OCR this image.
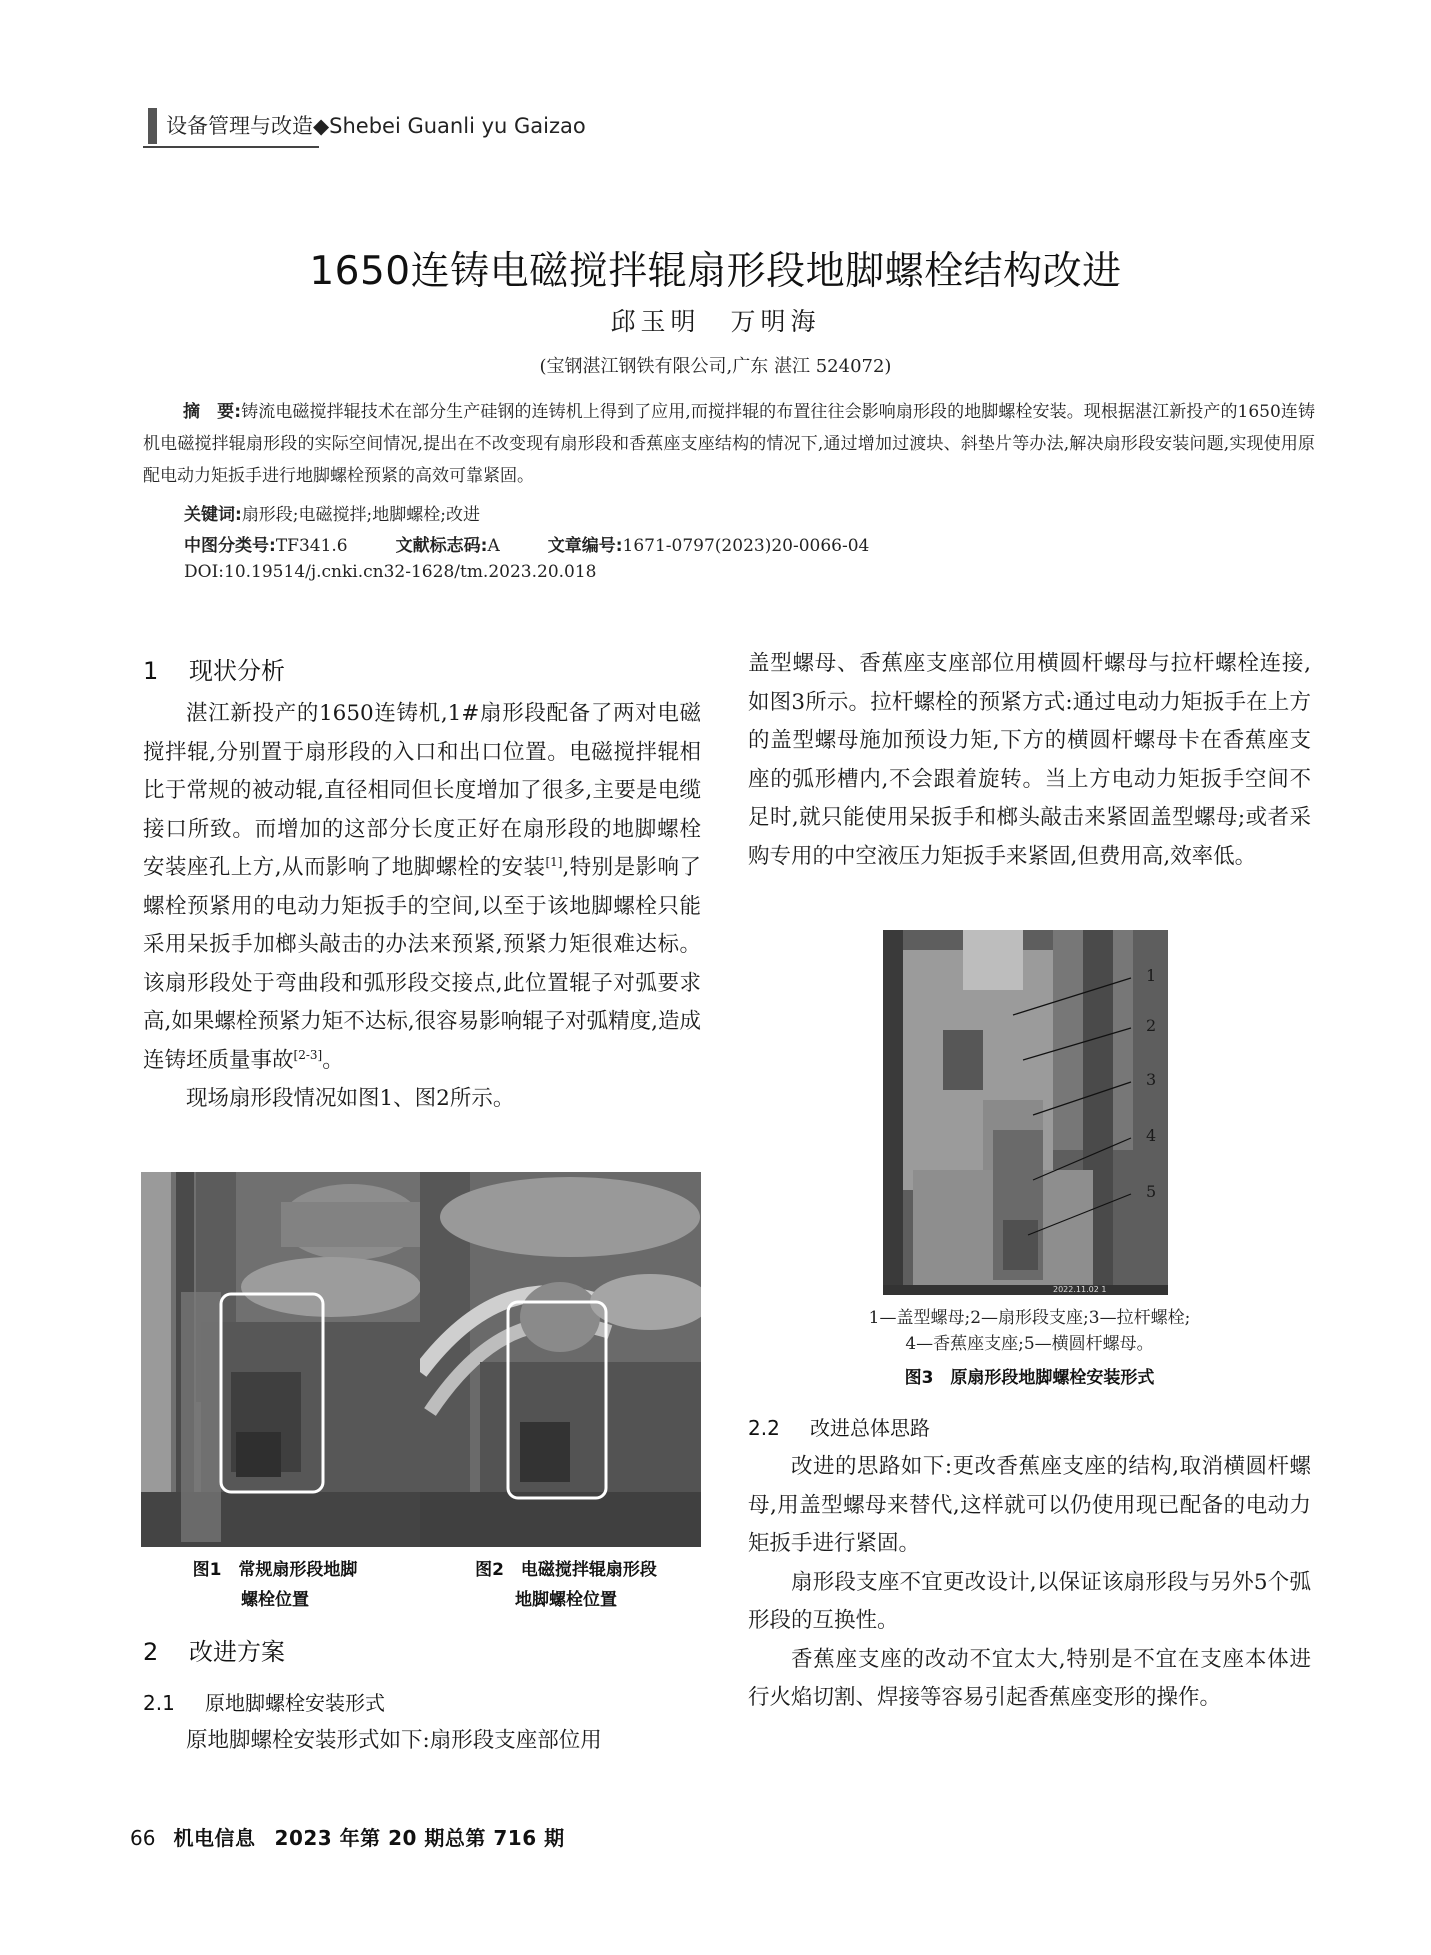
设备管理与改造◆Shebei Guanli yu Gaizao
1650连铸电磁搅拌辊扇形段地脚螺栓结构改进
邱玉明　万明海
(宝钢湛江钢铁有限公司,广东 湛江 524072)
摘　要:铸流电磁搅拌辊技术在部分生产硅钢的连铸机上得到了应用,而搅拌辊的布置往往会影响扇形段的地脚螺栓安装。现根据湛江新投产的1650连铸机电磁搅拌辊扇形段的实际空间情况,提出在不改变现有扇形段和香蕉座支座结构的情况下,通过增加过渡块、斜垫片等办法,解决扇形段安装问题,实现使用原配电动力矩扳手进行地脚螺栓预紧的高效可靠紧固。
关键词:扇形段;电磁搅拌;地脚螺栓;改进
中图分类号:TF341.6	文献标志码:A	文章编号:1671-0797(2023)20-0066-04
DOI:10.19514/j.cnki.cn32-1628/tm.2023.20.018
1 现状分析

湛江新投产的1650连铸机,1#扇形段配备了两对电磁搅拌辊,分别置于扇形段的入口和出口位置。电磁搅拌辊相比于常规的被动辊,直径相同但长度增加了很多,主要是电缆接口所致。而增加的这部分长度正好在扇形段的地脚螺栓安装座孔上方,从而影响了地脚螺栓的安装[1],特别是影响了螺栓预紧用的电动力矩扳手的空间,以至于该地脚螺栓只能采用呆扳手加榔头敲击的办法来预紧,预紧力矩很难达标。该扇形段处于弯曲段和弧形段交接点,此位置辊子对弧要求高,如果螺栓预紧力矩不达标,很容易影响辊子对弧精度,造成连铸坯质量事故[2-3]。

现场扇形段情况如图1、图2所示。

图1　常规扇形段地脚
螺栓位置
图2　电磁搅拌辊扇形段
地脚螺栓位置
2 改进方案
2.1 原地脚螺栓安装形式

原地脚螺栓安装形式如下:扇形段支座部位用

盖型螺母、香蕉座支座部位用横圆杆螺母与拉杆螺栓连接,如图3所示。拉杆螺栓的预紧方式:通过电动力矩扳手在上方的盖型螺母施加预设力矩,下方的横圆杆螺母卡在香蕉座支座的弧形槽内,不会跟着旋转。当上方电动力矩扳手空间不足时,就只能使用呆扳手和榔头敲击来紧固盖型螺母;或者采购专用的中空液压力矩扳手来紧固,但费用高,效率低。

2022.11.02 1
1
2
3
4
5
1—盖型螺母;2—扇形段支座;3—拉杆螺栓;
4—香蕉座支座;5—横圆杆螺母。
图3　原扇形段地脚螺栓安装形式
2.2 改进总体思路

改进的思路如下:更改香蕉座支座的结构,取消横圆杆螺母,用盖型螺母来替代,这样就可以仍使用现已配备的电动力矩扳手进行紧固。

扇形段支座不宜更改设计,以保证该扇形段与另外5个弧形段的互换性。

香蕉座支座的改动不宜太大,特别是不宜在支座本体进行火焰切割、焊接等容易引起香蕉座变形的操作。

66 机电信息 2023 年第 20 期总第 716 期
